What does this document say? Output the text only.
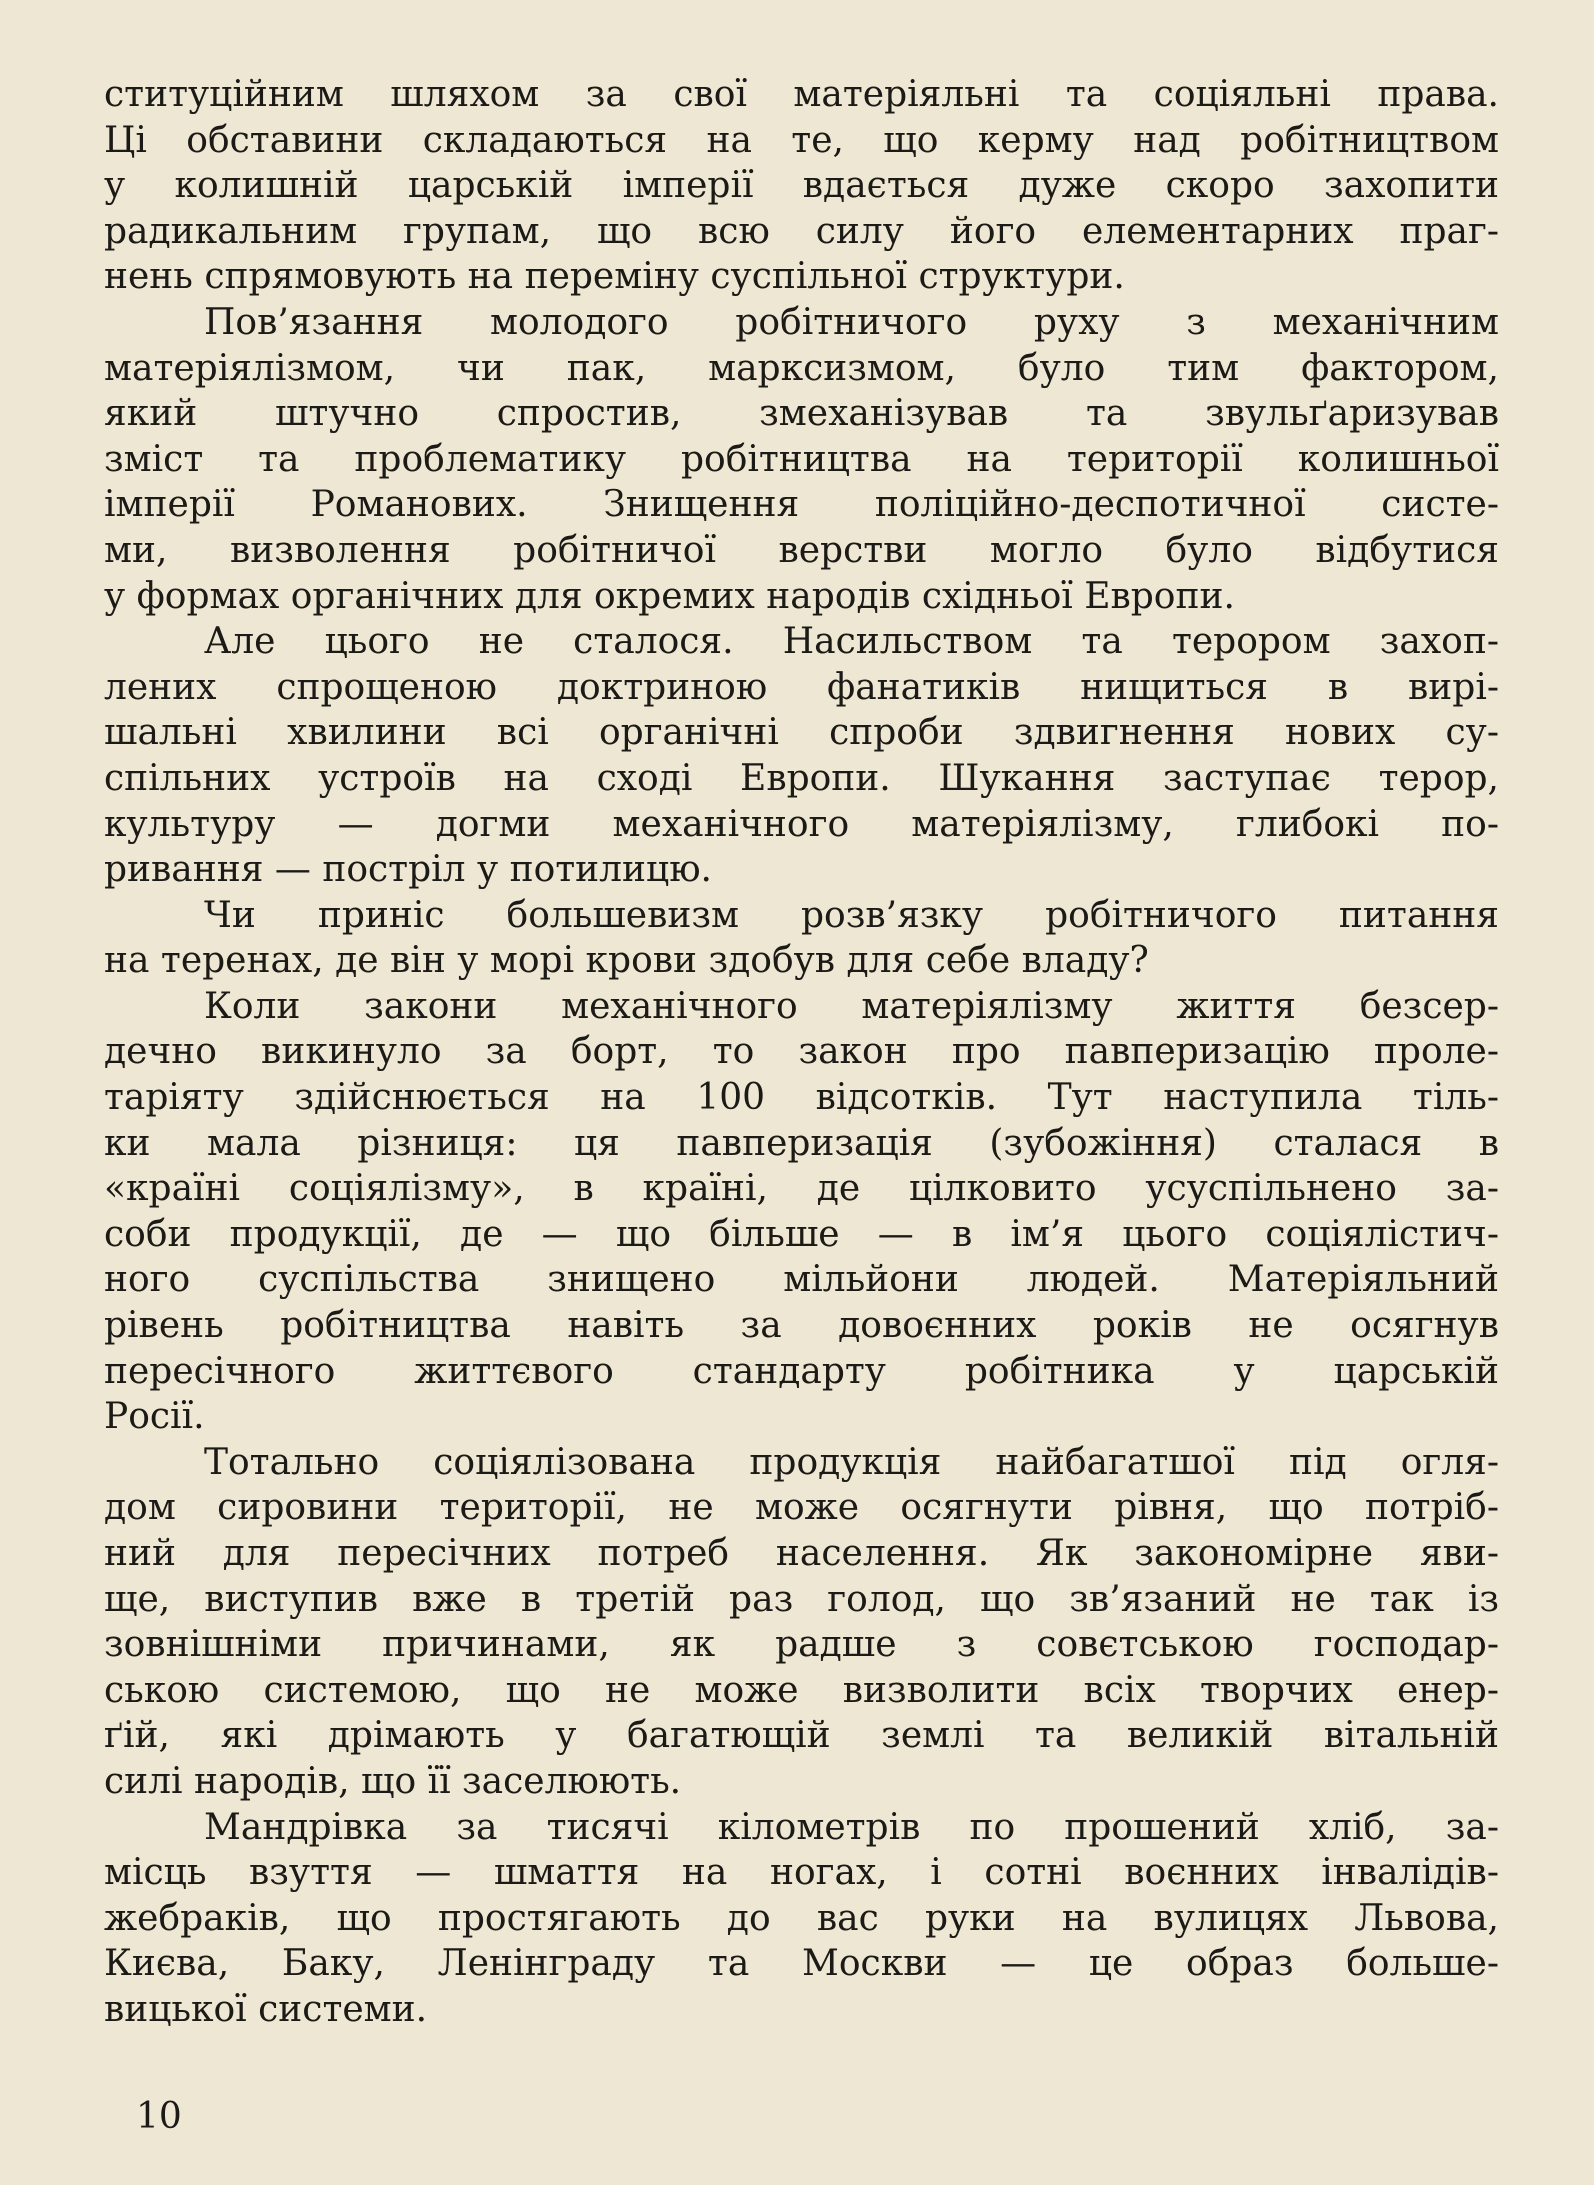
ституційним шляхом за свої матеріяльні та соціяльні права.
Ці обставини складаються на те, що керму над робітництвом
у колишній царській імперії вдається дуже скоро захопити
радикальним групам, що всю силу його елементарних праг-
нень спрямовують на переміну суспільної структури.

Пов’язання молодого робітничого руху з механічним
матеріялізмом, чи пак, марксизмом, було тим фактором,
який штучно спростив, змеханізував та звульґаризував
зміст та проблематику робітництва на території колишньої
імперії Романових. Знищення поліційно-деспотичної систе-
ми, визволення робітничої верстви могло було відбутися
у формах органічних для окремих народів східньої Европи.

Але цього не сталося. Насильством та терором захоп-
лених спрощеною доктриною фанатиків нищиться в вирі-
шальні хвилини всі органічні спроби здвигнення нових су-
спільних устроїв на сході Европи. Шукання заступає терор,
культуру — догми механічного матеріялізму, глибокі по-
ривання — постріл у потилицю.

Чи приніс большевизм розв’язку робітничого питання
на теренах, де він у морі крови здобув для себе владу?

Коли закони механічного матеріялізму життя безсер-
дечно викинуло за борт, то закон про павперизацію проле-
таріяту здійснюється на 100 відсотків. Тут наступила тіль-
ки мала різниця: ця павперизація (зубожіння) сталася в
«країні соціялізму», в країні, де цілковито усуспільнено за-
соби продукції, де — що більше — в ім’я цього соціялістич-
ного суспільства знищено мільйони людей. Матеріяльний
рівень робітництва навіть за довоєнних років не осягнув
пересічного життєвого стандарту робітника у царській
Росії.

Тотально соціялізована продукція найбагатшої під огля-
дом сировини території, не може осягнути рівня, що потріб-
ний для пересічних потреб населення. Як закономірне яви-
ще, виступив вже в третій раз голод, що зв’язаний не так із
зовнішніми причинами, як радше з совєтською господар-
ською системою, що не може визволити всіх творчих енер-
ґій, які дрімають у багатющій землі та великій вітальній
силі народів, що її заселюють.

Мандрівка за тисячі кілометрів по прошений хліб, за-
місць взуття — шмаття на ногах, і сотні воєнних інвалідів-
жебраків, що простягають до вас руки на вулицях Львова,
Києва, Баку, Ленінграду та Москви — це образ больше-
вицької системи.

10
